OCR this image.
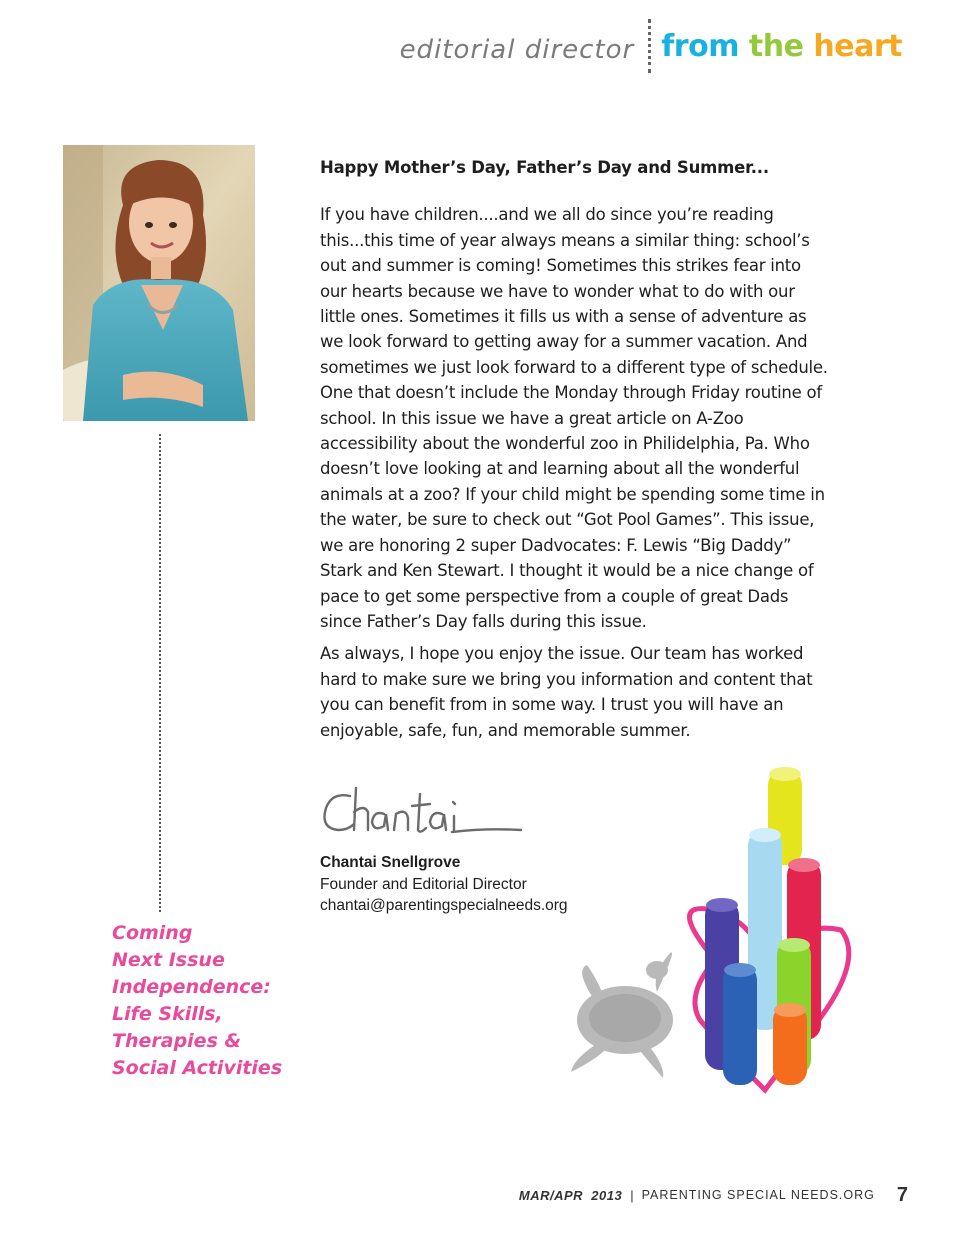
editorial director from the heart
Coming
Next Issue
Independence:
Life Skills,
Therapies &
Social Activities
Happy Mother’s Day, Father’s Day and Summer...

If you have children....and we all do since you’re reading this...this time of year always means a similar thing: school’s out and summer is coming! Sometimes this strikes fear into our hearts because we have to wonder what to do with our little ones. Sometimes it fills us with a sense of adventure as we look forward to getting away for a summer vacation. And sometimes we just look forward to a different type of schedule. One that doesn’t include the Monday through Friday routine of school. In this issue we have a great article on A-Zoo accessibility about the wonderful zoo in Philidelphia, Pa. Who doesn’t love looking at and learning about all the wonderful animals at a zoo? If your child might be spending some time in the water, be sure to check out “Got Pool Games”. This issue, we are honoring 2 super Dadvocates: F. Lewis “Big Daddy” Stark and Ken Stewart. I thought it would be a nice change of pace to get some perspective from a couple of great Dads since Father’s Day falls during this issue.

As always, I hope you enjoy the issue. Our team has worked hard to make sure we bring you information and content that you can benefit from in some way. I trust you will have an enjoyable, safe, fun, and memorable summer.

Chantai Snellgrove
Founder and Editorial Director
chantai@parentingspecialneeds.org
MAR/APR  2013 | PARENTING SPECIAL NEEDS.ORG 7
